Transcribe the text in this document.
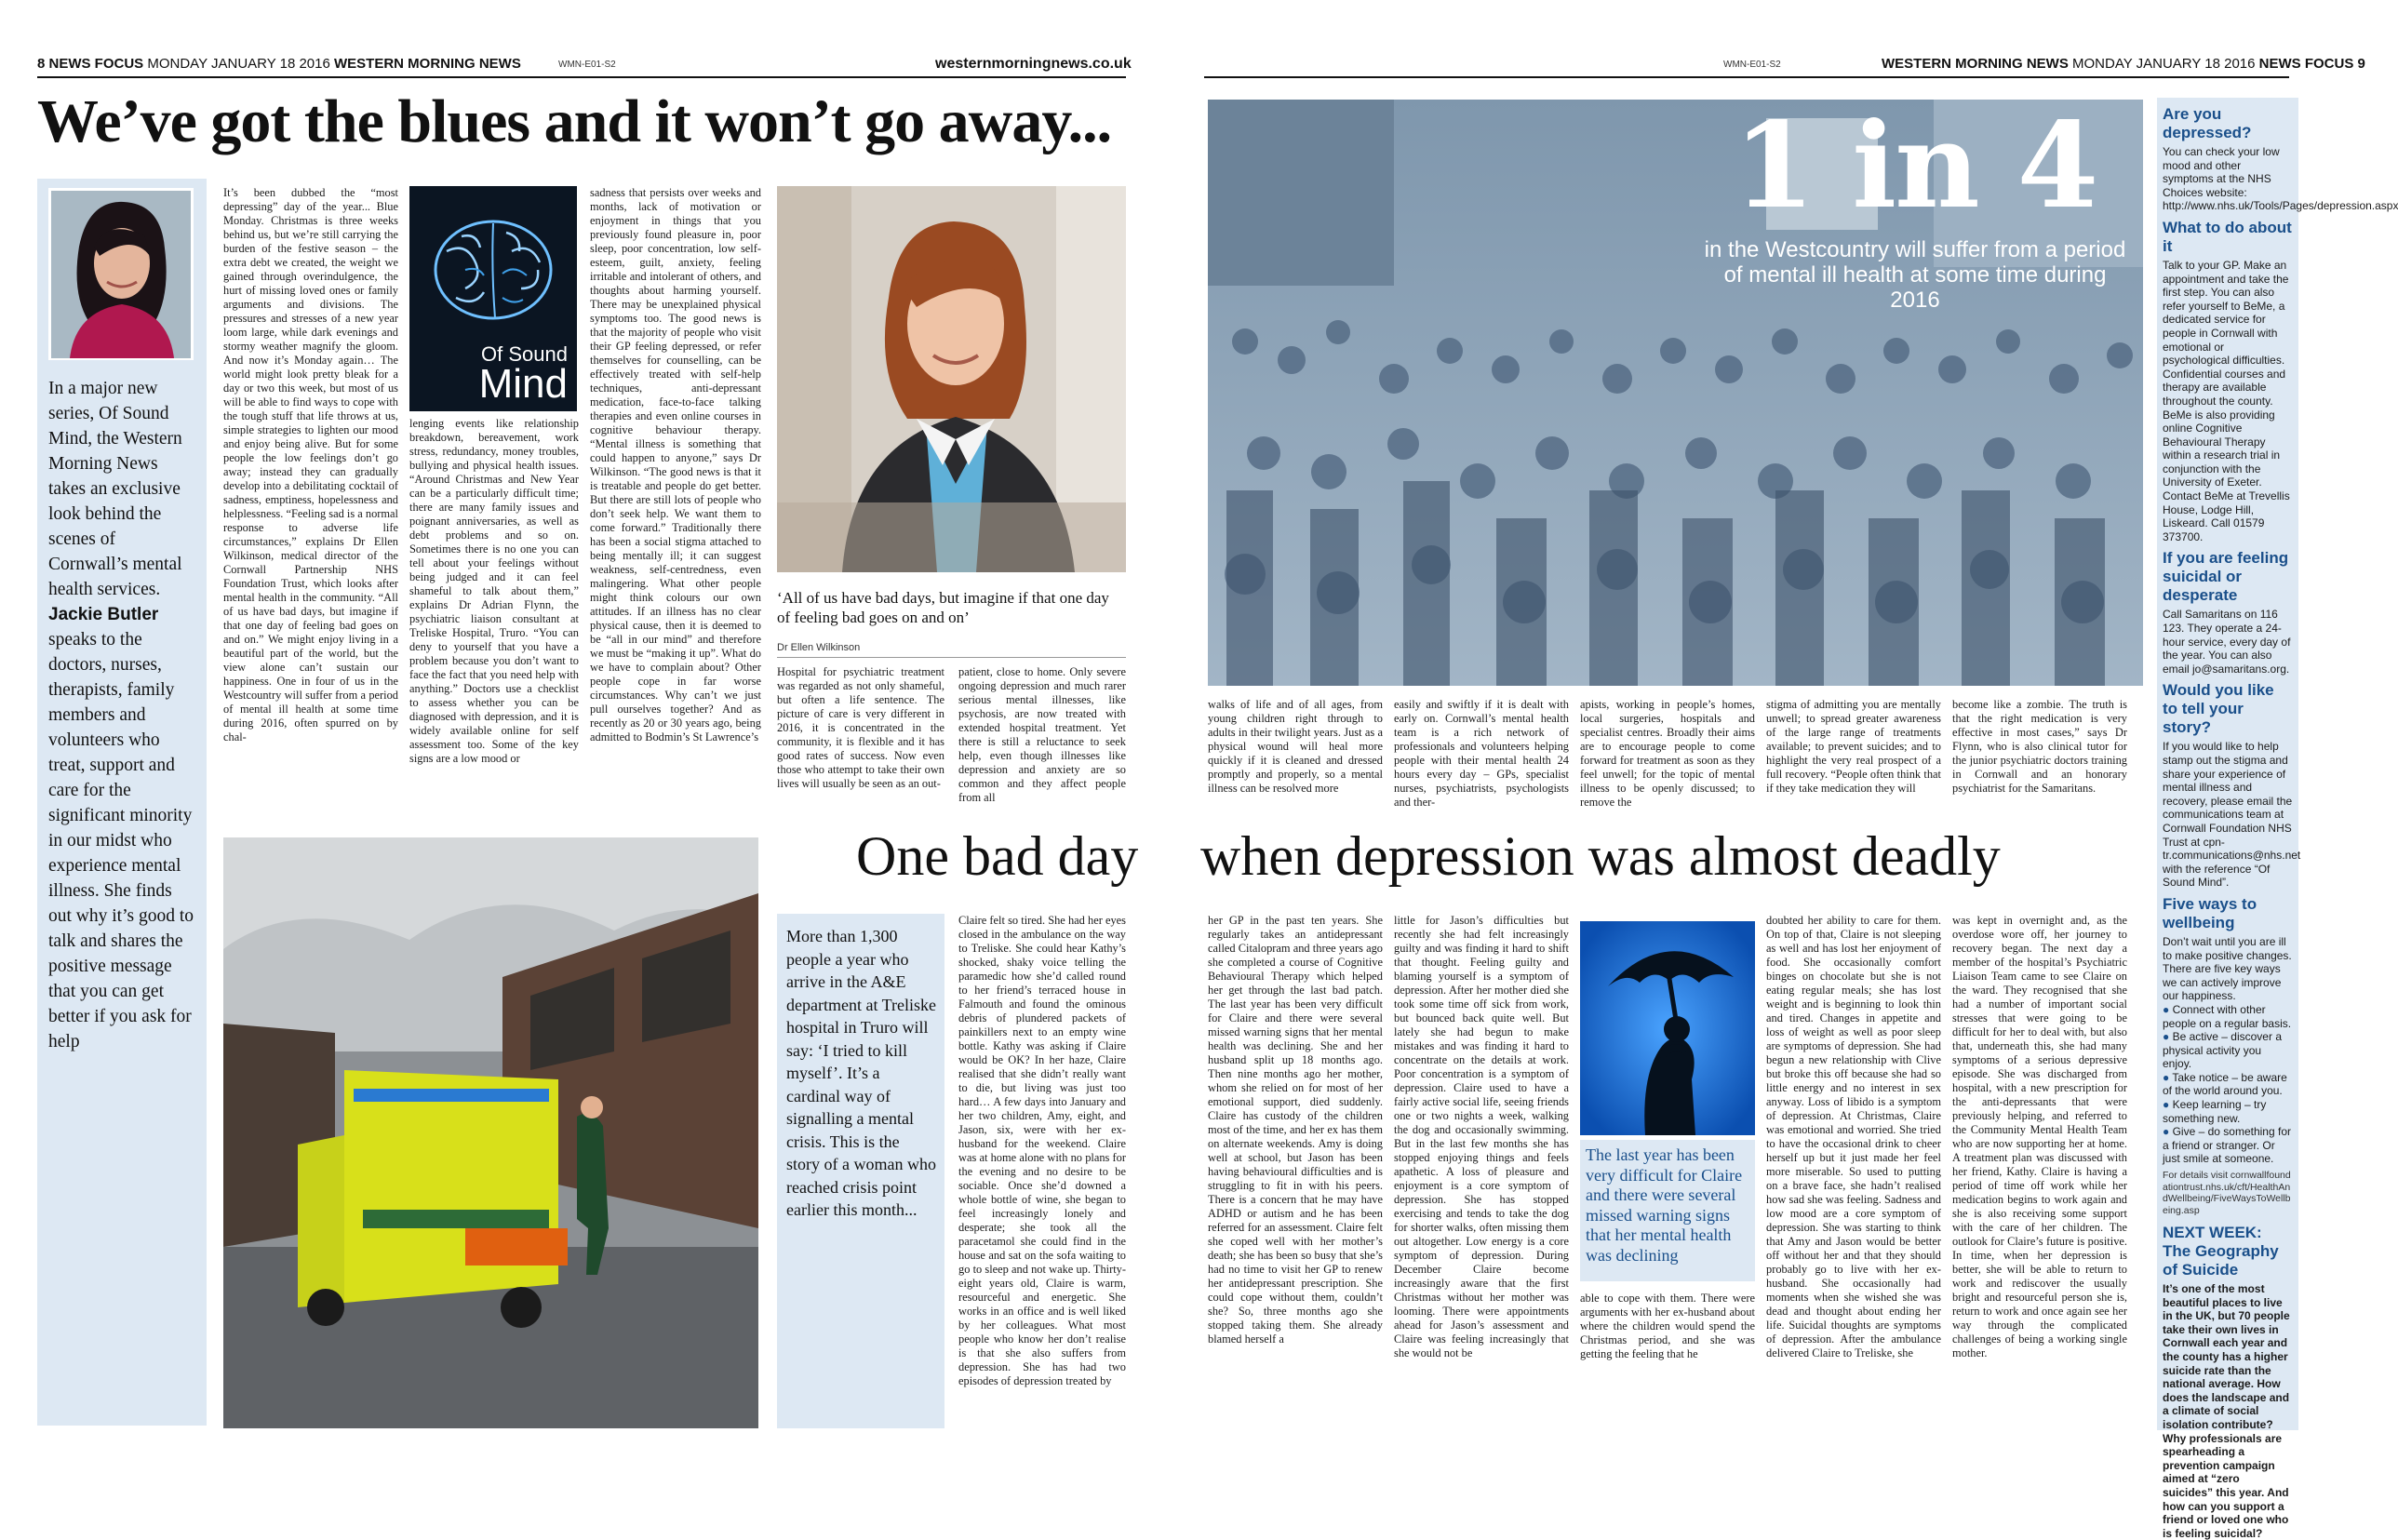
8 NEWS FOCUS MONDAY JANUARY 18 2016 WESTERN MORNING NEWS	WMN-E01-S2	westernmorningnews.co.uk
We’ve got the blues and it won’t go away...
In a major new series, Of Sound Mind, the Western Morning News takes an exclusive look behind the scenes of Cornwall’s mental health services. Jackie Butler speaks to the doctors, nurses, therapists, family members and volunteers who treat, support and care for the significant minority in our midst who experience mental illness. She finds out why it’s good to talk and shares the positive message that you can get better if you ask for help
It’s been dubbed the “most depressing” day of the year... Blue Monday. Christmas is three weeks behind us, but we’re still carrying the burden of the festive season – the extra debt we created, the weight we gained through overindulgence, the hurt of missing loved ones or family arguments and divisions. The pressures and stresses of a new year loom large, while dark evenings and stormy weather magnify the gloom. And now it’s Monday again… The world might look pretty bleak for a day or two this week, but most of us will be able to find ways to cope with the tough stuff that life throws at us, simple strategies to lighten our mood and enjoy being alive. But for some people the low feelings don’t go away; instead they can gradually develop into a debilitating cocktail of sadness, emptiness, hopelessness and helplessness. “Feeling sad is a normal response to adverse life circumstances,” explains Dr Ellen Wilkinson, medical director of the Cornwall Partnership NHS Foundation Trust, which looks after mental health in the community. “All of us have bad days, but imagine if that one day of feeling bad goes on and on.” We might enjoy living in a beautiful part of the world, but the view alone can’t sustain our happiness. One in four of us in the Westcountry will suffer from a period of mental ill health at some time during 2016, often spurred on by chal-
Of Sound
Mind
lenging events like relationship breakdown, bereavement, work stress, redundancy, money troubles, bullying and physical health issues. “Around Christmas and New Year can be a particularly difficult time; there are many family issues and poignant anniversaries, as well as debt problems and so on. Sometimes there is no one you can tell about your feelings without being judged and it can feel shameful to talk about them,” explains Dr Adrian Flynn, the psychiatric liaison consultant at Treliske Hospital, Truro. “You can deny to yourself that you have a problem because you don’t want to face the fact that you need help with anything.” Doctors use a checklist to assess whether you can be diagnosed with depression, and it is widely available online for self assessment too. Some of the key signs are a low mood or
sadness that persists over weeks and months, lack of motivation or enjoyment in things that you previously found pleasure in, poor sleep, poor concentration, low self-esteem, guilt, anxiety, feeling irritable and intolerant of others, and thoughts about harming yourself. There may be unexplained physical symptoms too. The good news is that the majority of people who visit their GP feeling depressed, or refer themselves for counselling, can be effectively treated with self-help techniques, anti-depressant medication, face-to-face talking therapies and even online courses in cognitive behaviour therapy. “Mental illness is something that could happen to anyone,” says Dr Wilkinson. “The good news is that it is treatable and people do get better. But there are still lots of people who don’t seek help. We want them to come forward.” Traditionally there has been a social stigma attached to being mentally ill; it can suggest weakness, self-centredness, even malingering. What other people might think colours our own attitudes. If an illness has no clear physical cause, then it is deemed to be “all in our mind” and therefore we must be “making it up”. What do we have to complain about? Other people cope in far worse circumstances. Why can’t we just pull ourselves together? And as recently as 20 or 30 years ago, being admitted to Bodmin’s St Lawrence’s
‘All of us have bad days, but imagine if that one day of feeling bad goes on and on’
Dr Ellen Wilkinson
Hospital for psychiatric treatment was regarded as not only shameful, but often a life sentence. The picture of care is very different in 2016, it is concentrated in the community, it is flexible and it has good rates of success. Now even those who attempt to take their own lives will usually be seen as an out-
patient, close to home. Only severe ongoing depression and much rarer serious mental illnesses, like psychosis, are now treated with extended hospital treatment. Yet there is still a reluctance to seek help, even though illnesses like depression and anxiety are so common and they affect people from all
One bad day
More than 1,300 people a year who arrive in the A&E department at Treliske hospital in Truro will say: ‘I tried to kill myself’. It’s a cardinal way of signalling a mental crisis. This is the story of a woman who reached crisis point earlier this month...
Claire felt so tired. She had her eyes closed in the ambulance on the way to Treliske. She could hear Kathy’s shocked, shaky voice telling the paramedic how she’d called round to her friend’s terraced house in Falmouth and found the ominous debris of plundered packets of painkillers next to an empty wine bottle. Kathy was asking if Claire would be OK? In her haze, Claire realised that she didn’t really want to die, but living was just too hard… A few days into January and her two children, Amy, eight, and Jason, six, were with her ex-husband for the weekend. Claire was at home alone with no plans for the evening and no desire to be sociable. Once she’d downed a whole bottle of wine, she began to feel increasingly lonely and desperate; she took all the paracetamol she could find in the house and sat on the sofa waiting to go to sleep and not wake up. Thirty-eight years old, Claire is warm, resourceful and energetic. She works in an office and is well liked by her colleagues. What most people who know her don’t realise is that she also suffers from depression. She has had two episodes of depression treated by
WMN-E01-S2	WESTERN MORNING NEWS MONDAY JANUARY 18 2016 NEWS FOCUS 9
1 in 4
in the Westcountry will suffer from a period of mental ill health at some time during 2016
walks of life and of all ages, from young children right through to adults in their twilight years. Just as a physical wound will heal more quickly if it is cleaned and dressed promptly and properly, so a mental illness can be resolved more
easily and swiftly if it is dealt with early on. Cornwall’s mental health team is a rich network of professionals and volunteers helping people with their mental health 24 hours every day – GPs, specialist nurses, psychiatrists, psychologists and ther-
apists, working in people’s homes, local surgeries, hospitals and specialist centres. Broadly their aims are to encourage people to come forward for treatment as soon as they feel unwell; for the topic of mental illness to be openly discussed; to remove the
stigma of admitting you are mentally unwell; to spread greater awareness of the large range of treatments available; to prevent suicides; and to highlight the very real prospect of a full recovery. “People often think that if they take medication they will
become like a zombie. The truth is that the right medication is very effective in most cases,” says Dr Flynn, who is also clinical tutor for the junior psychiatric doctors training in Cornwall and an honorary psychiatrist for the Samaritans.
when depression was almost deadly
her GP in the past ten years. She regularly takes an antidepressant called Citalopram and three years ago she completed a course of Cognitive Behavioural Therapy which helped her get through the last bad patch. The last year has been very difficult for Claire and there were several missed warning signs that her mental health was declining. She and her husband split up 18 months ago. Then nine months ago her mother, whom she relied on for most of her emotional support, died suddenly. Claire has custody of the children most of the time, and her ex has them on alternate weekends. Amy is doing well at school, but Jason has been having behavioural difficulties and is struggling to fit in with his peers. There is a concern that he may have ADHD or autism and he has been referred for an assessment. Claire felt she coped well with her mother’s death; she has been so busy that she’s had no time to visit her GP to renew her antidepressant prescription. She could cope without them, couldn’t she? So, three months ago she stopped taking them. She already blamed herself a
little for Jason’s difficulties but recently she had felt increasingly guilty and was finding it hard to shift that thought. Feeling guilty and blaming yourself is a symptom of depression. After her mother died she took some time off sick from work, but bounced back quite well. But lately she had begun to make mistakes and was finding it hard to concentrate on the details at work. Poor concentration is a symptom of depression. Claire used to have a fairly active social life, seeing friends one or two nights a week, walking the dog and occasionally swimming. But in the last few months she has stopped enjoying things and feels apathetic. A loss of pleasure and enjoyment is a core symptom of depression. She has stopped exercising and tends to take the dog for shorter walks, often missing them out altogether. Low energy is a core symptom of depression. During December Claire become increasingly aware that the first Christmas without her mother was looming. There were appointments ahead for Jason’s assessment and Claire was feeling increasingly that she would not be
The last year has been very difficult for Claire and there were several missed warning signs that her mental health was declining
able to cope with them. There were arguments with her ex-husband about where the children would spend the Christmas period, and she was getting the feeling that he
doubted her ability to care for them. On top of that, Claire is not sleeping as well and has lost her enjoyment of food. She occasionally comfort binges on chocolate but she is not eating regular meals; she has lost weight and is beginning to look thin and tired. Changes in appetite and loss of weight as well as poor sleep are symptoms of depression. She had begun a new relationship with Clive but broke this off because she had so little energy and no interest in sex anyway. Loss of libido is a symptom of depression. At Christmas, Claire was emotional and worried. She tried to have the occasional drink to cheer herself up but it just made her feel more miserable. So used to putting on a brave face, she hadn’t realised how sad she was feeling. Sadness and low mood are a core symptom of depression. She was starting to think that Amy and Jason would be better off without her and that they should probably go to live with her ex-husband. She occasionally had moments when she wished she was dead and thought about ending her life. Suicidal thoughts are symptoms of depression. After the ambulance delivered Claire to Treliske, she
was kept in overnight and, as the overdose wore off, her journey to recovery began. The next day a member of the hospital’s Psychiatric Liaison Team came to see Claire on the ward. They recognised that she had a number of important social stresses that were going to be difficult for her to deal with, but also that, underneath this, she had many symptoms of a serious depressive episode. She was discharged from hospital, with a new prescription for the anti-depressants that were previously helping, and referred to the Community Mental Health Team who are now supporting her at home. A treatment plan was discussed with her friend, Kathy. Claire is having a period of time off work while her medication begins to work again and she is also receiving some support with the care of her children. The outlook for Claire’s future is positive. In time, when her depression is better, she will be able to return to work and rediscover the usually bright and resourceful person she is, return to work and once again see her way through the complicated challenges of being a working single mother.
Are you depressed?
You can check your low mood and other symptoms at the NHS Choices website: http://www.nhs.uk/Tools/Pages/depression.aspx
What to do about it
Talk to your GP. Make an appointment and take the first step. You can also refer yourself to BeMe, a dedicated service for people in Cornwall with emotional or psychological difficulties. Confidential courses and therapy are available throughout the county. BeMe is also providing online Cognitive Behavioural Therapy within a research trial in conjunction with the University of Exeter. Contact BeMe at Trevellis House, Lodge Hill, Liskeard. Call 01579 373700.
If you are feeling suicidal or desperate
Call Samaritans on 116 123. They operate a 24-hour service, every day of the year. You can also email jo@samaritans.org.
Would you like to tell your story?
If you would like to help stamp out the stigma and share your experience of mental illness and recovery, please email the communications team at Cornwall Foundation NHS Trust at cpn-tr.communications@nhs.net with the reference “Of Sound Mind”.
Five ways to wellbeing
Don’t wait until you are ill to make positive changes. There are five key ways we can actively improve our happiness.
● Connect with other people on a regular basis.
● Be active – discover a physical activity you enjoy.
● Take notice – be aware of the world around you.
● Keep learning – try something new.
● Give – do something for a friend or stranger. Or just smile at someone.
For details visit cornwallfoundationtrust.nhs.uk/cft/HealthAndWellbeing/FiveWaysToWellbeing.asp
NEXT WEEK: The Geography of Suicide
It’s one of the most beautiful places to live in the UK, but 70 people take their own lives in Cornwall each year and the county has a higher suicide rate than the national average. How does the landscape and a climate of social isolation contribute? Why professionals are spearheading a prevention campaign aimed at “zero suicides” this year. And how can you support a friend or loved one who is feeling suicidal?
